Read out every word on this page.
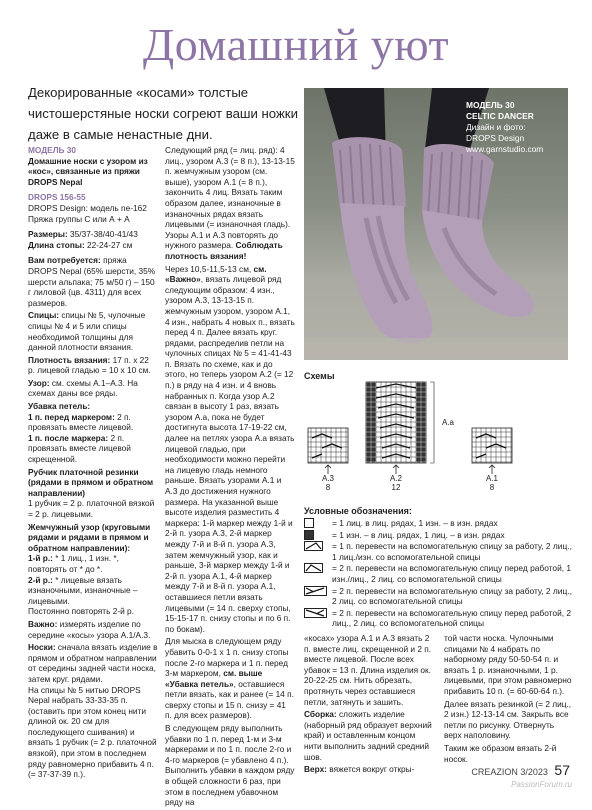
Домашний уют
Декорированные «косами» толстые чистошерстяные носки согреют ваши ножки даже в самые ненастные дни.
МОДЕЛЬ 30
CELTIC DANCER
Дизайн и фото:
DROPS Design
www.garnstudio.com

МОДЕЛЬ 30
Домашние носки с узором из «кос», связанные из пряжи DROPS Nepal

DROPS 156-55
DROPS Design: модель ne-162
Пряжа группы С или А + А

Размеры: 35/37-38/40-41/43
Длина стопы: 22-24-27 см

Вам потребуется: пряжа DROPS Nepal (65% шерсти, 35% шерсти альпака; 75 м/50 г) – 150 г лиловой (цв. 4311) для всех размеров.

Спицы: спицы № 5, чулочные спицы № 4 и 5 или спицы необходимой толщины для данной плотности вязания.

Плотность вязания: 17 п. х 22 р. лицевой гладью = 10 х 10 см.

Узор: см. схемы A.1–A.3. На схемах даны все ряды.

Убавка петель:
1 п. перед маркером: 2 п. провязать вместе лицевой.
1 п. после маркера: 2 п. провязать вместе лицевой скрещенной.

Рубчик платочной резинки (рядами в прямом и обратном направлении)
1 рубчик = 2 р. платочной вязкой = 2 р. лицевыми.

Жемчужный узор (круговыми рядами и рядами в прямом и обратном направлении):
1-й р.: * 1 лиц., 1 изн. *, повторять от * до *.
2-й р.: * лицевые вязать изнаночными, изнаночные – лицевыми.
Постоянно повторять 2-й р.

Важно: измерять изделие по середине «косы» узора A.1/A.3.

Носки: сначала вязать изделие в прямом и обратном направлении от середины задней части носка, затем круг. рядами.
На спицы № 5 нитью DROPS Nepal набрать 33-33-35 п. (оставить при этом конец нити длиной ок. 20 см для последующего сшивания) и вязать 1 рубчик (= 2 р. платочной вязкой), при этом в последнем ряду равномерно прибавить 4 п. (= 37-37-39 п.).

Следующий ряд (= лиц. ряд): 4 лиц., узором A.3 (= 8 п.), 13-13-15 п. жемчужным узором (см. выше), узором A.1 (= 8 п.), закончить 4 лиц. Вязать таким образом далее, изнаночные в изнаночных рядах вязать лицевыми (= изнаночная гладь). Узоры A.1 и A.3 повторять до нужного размера. Соблюдать плотность вязания!

Через 10,5-11,5-13 см, см. «Важно», вязать лицевой ряд следующим образом: 4 изн., узором A.3, 13-13-15 п. жемчужным узором, узором A.1, 4 изн., набрать 4 новых п., вязать перед 4 п. Далее вязать круг. рядами, распределив петли на чулочных спицах № 5 = 41-41-43 п. Вязать по схеме, как и до этого, но теперь узором A.2 (= 12 п.) в ряду на 4 изн. и 4 вновь набранных п. Когда узор A.2 связан в высоту 1 раз, вязать узором A.a, пока не будет достигнута высота 17-19-22 см, далее на петлях узора A.a вязать лицевой гладью, при необходимости можно перейти на лицевую гладь немного раньше. Вязать узорами A.1 и A.3 до достижения нужного размера. На указанной выше высоте изделия разместить 4 маркера: 1-й маркер между 1-й и 2-й п. узора A.3, 2-й маркер между 7-й и 8-й п. узора A.3, затем жемчужный узор, как и раньше, 3-й маркер между 1-й и 2-й п. узора A.1, 4-й маркер между 7-й и 8-й п. узора A.1, оставшиеся петли вязать лицевыми (= 14 п. сверху стопы, 15-15-17 п. снизу стопы и по 6 п. по бокам).

Для мыска в следующем ряду убавить 0-0-1 х 1 п. снизу стопы после 2-го маркера и 1 п. перед 3-м маркером, см. выше «Убавка петель», оставшиеся петли вязать, как и ранее (= 14 п. сверху стопы и 15 п. снизу = 41 п. для всех размеров).

В следующем ряду выполнить убавки по 1 п. перед 1-м и 3-м маркерами и по 1 п. после 2-го и 4-го маркеров (= убавлено 4 п.). Выполнить убавки в каждом ряду в общей сложности 6 раз, при этом в последнем убавочном ряду на

Схемы
A.3
8
A.2
12
A.1
8
A.a
Условные обозначения:
= 1 лиц. в лиц. рядах, 1 изн. – в изн. рядах
= 1 изн. – в лиц. рядах, 1 лиц. – в изн. рядах
= 1 п. перевести на вспомогательную спицу за работу, 2 лиц., 1 лиц./изн. со вспомогательной спицы
= 2 п. перевести на вспомогательную спицу перед работой, 1 изн./лиц., 2 лиц. со вспомогательной спицы
= 2 п. перевести на вспомогательную спицу за работу, 2 лиц., 2 лиц. со вспомогательной спицы
= 2 п. перевести на вспомогательную спицу перед работой, 2 лиц., 2 лиц. со вспомогательной спицы

«косах» узора A.1 и A.3 вязать 2 п. вместе лиц. скрещенной и 2 п. вместе лицевой. После всех убавок = 13 п. Длина изделия ок. 20-22-25 см. Нить обрезать, протянуть через оставшиеся петли, затянуть и зашить.

Сборка: сложить изделие (наборный ряд образует верхний край) и оставленным концом нити выполнить задний средний шов.

Верх: вяжется вокруг откры-

той части носка. Чулочными спицами № 4 набрать по наборному ряду 50-50-54 п. и вязать 1 р. изнаночными, 1 р. лицевыми, при этом равномерно прибавить 10 п. (= 60-60-64 п.).

Далее вязать резинкой (= 2 лиц., 2 изн.) 12-13-14 см. Закрыть все петли по рисунку. Отвернуть верх наполовину.

Таким же образом вязать 2-й носок.

CREAZION 3/2023 57
PassionForum.ru
